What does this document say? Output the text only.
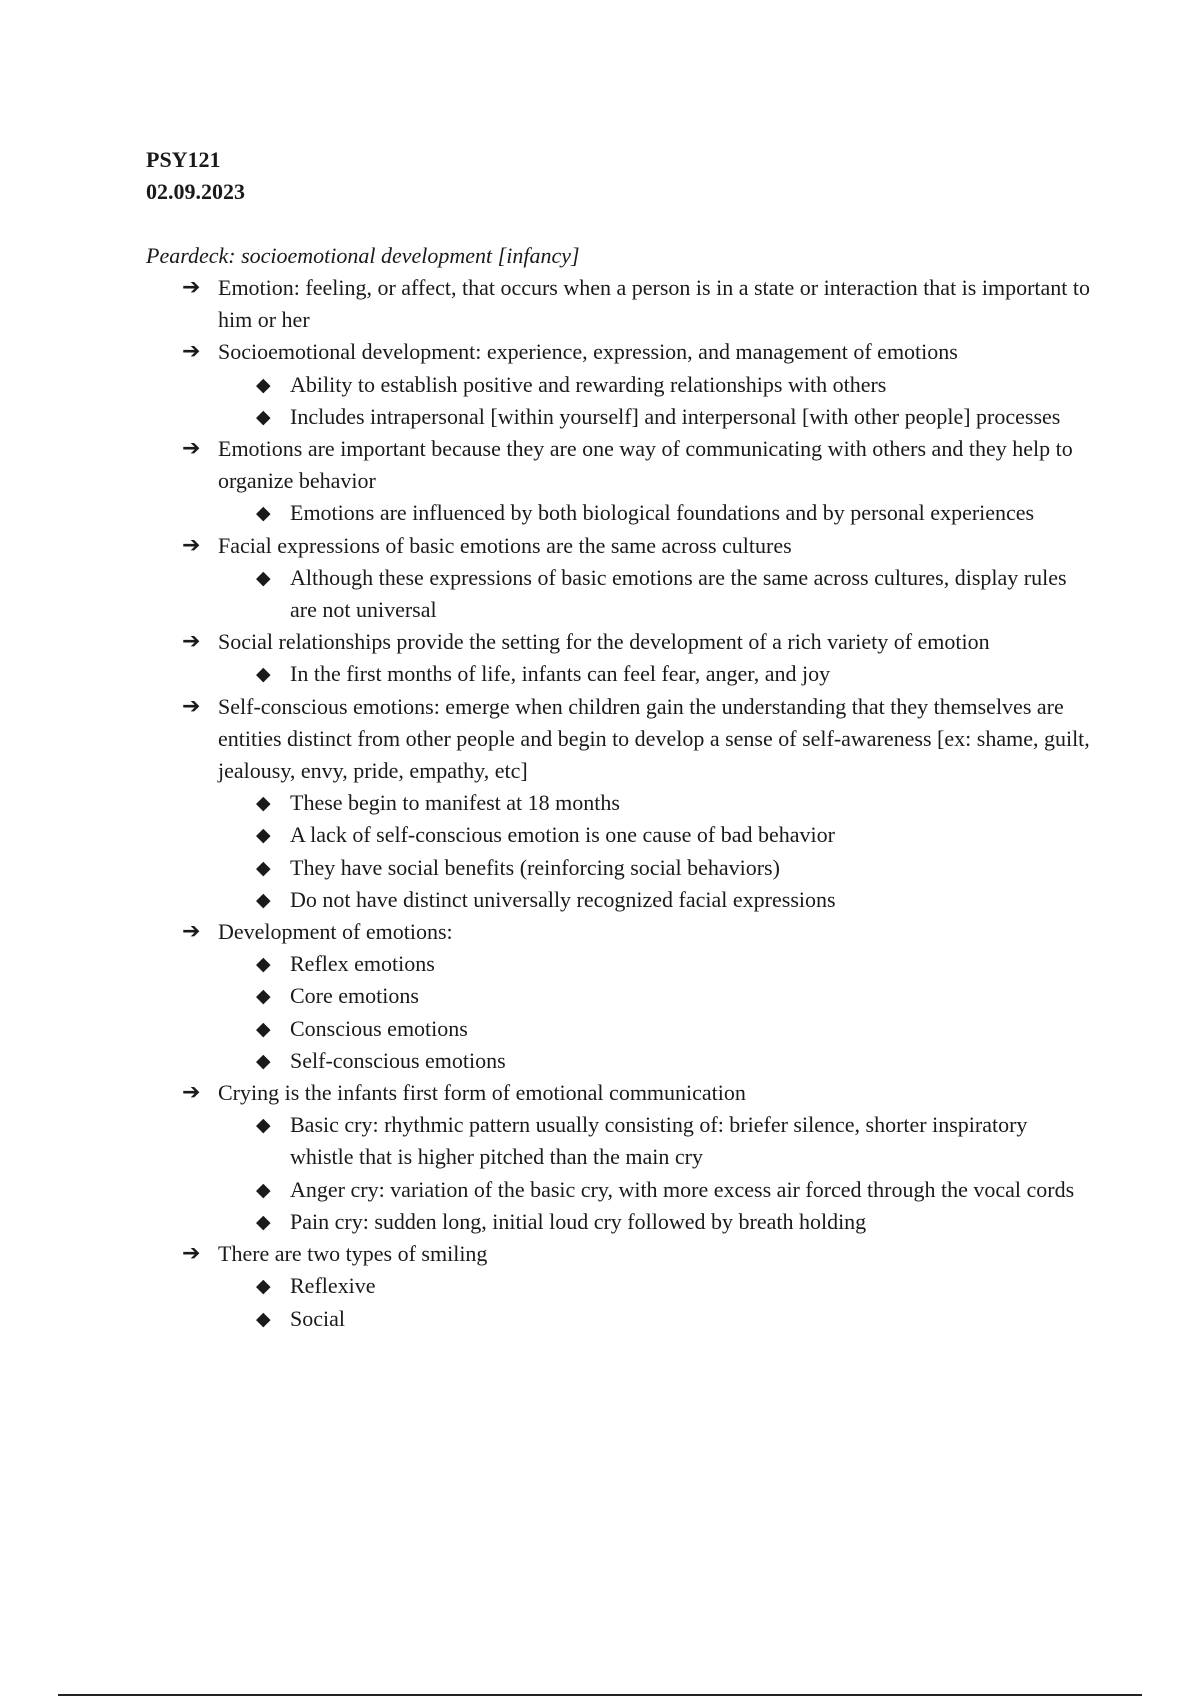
PSY121
02.09.2023
Peardeck: socioemotional development [infancy]
➔ Emotion: feeling, or affect, that occurs when a person is in a state or interaction that is important to him or her
➔ Socioemotional development: experience, expression, and management of emotions
◆ Ability to establish positive and rewarding relationships with others
◆ Includes intrapersonal [within yourself] and interpersonal [with other people] processes
➔ Emotions are important because they are one way of communicating with others and they help to organize behavior
◆ Emotions are influenced by both biological foundations and by personal experiences
➔ Facial expressions of basic emotions are the same across cultures
◆ Although these expressions of basic emotions are the same across cultures, display rules are not universal
➔ Social relationships provide the setting for the development of a rich variety of emotion
◆ In the first months of life, infants can feel fear, anger, and joy
➔ Self-conscious emotions: emerge when children gain the understanding that they themselves are entities distinct from other people and begin to develop a sense of self-awareness [ex: shame, guilt, jealousy, envy, pride, empathy, etc]
◆ These begin to manifest at 18 months
◆ A lack of self-conscious emotion is one cause of bad behavior
◆ They have social benefits (reinforcing social behaviors)
◆ Do not have distinct universally recognized facial expressions
➔ Development of emotions:
◆ Reflex emotions
◆ Core emotions
◆ Conscious emotions
◆ Self-conscious emotions
➔ Crying is the infants first form of emotional communication
◆ Basic cry: rhythmic pattern usually consisting of: briefer silence, shorter inspiratory whistle that is higher pitched than the main cry
◆ Anger cry: variation of the basic cry, with more excess air forced through the vocal cords
◆ Pain cry: sudden long, initial loud cry followed by breath holding
➔ There are two types of smiling
◆ Reflexive
◆ Social
